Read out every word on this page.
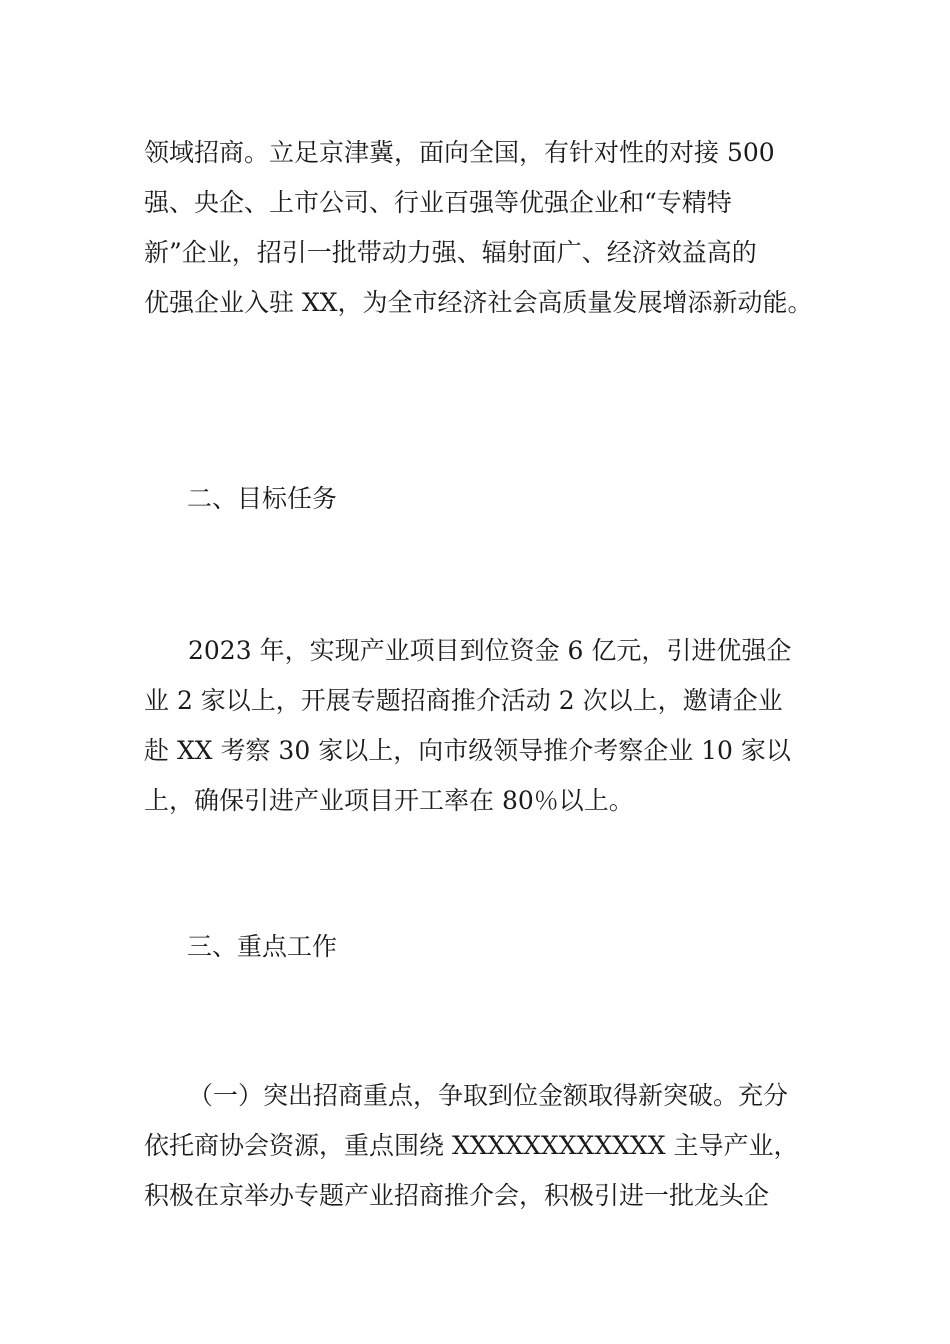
领域招商。立足京津冀，面向全国，有针对性的对接 500
强、央企、上市公司、行业百强等优强企业和“专精特
新”企业，招引一批带动力强、辐射面广、经济效益高的
优强企业入驻 XX，为全市经济社会高质量发展增添新动能。
二、目标任务
2023 年，实现产业项目到位资金 6 亿元，引进优强企
业 2 家以上，开展专题招商推介活动 2 次以上，邀请企业
赴 XX 考察 30 家以上，向市级领导推介考察企业 10 家以
上，确保引进产业项目开工率在 80％以上。
三、重点工作
（一）突出招商重点，争取到位金额取得新突破。充分
依托商协会资源，重点围绕 XXXXXXXXXXXX 主导产业，
积极在京举办专题产业招商推介会，积极引进一批龙头企
